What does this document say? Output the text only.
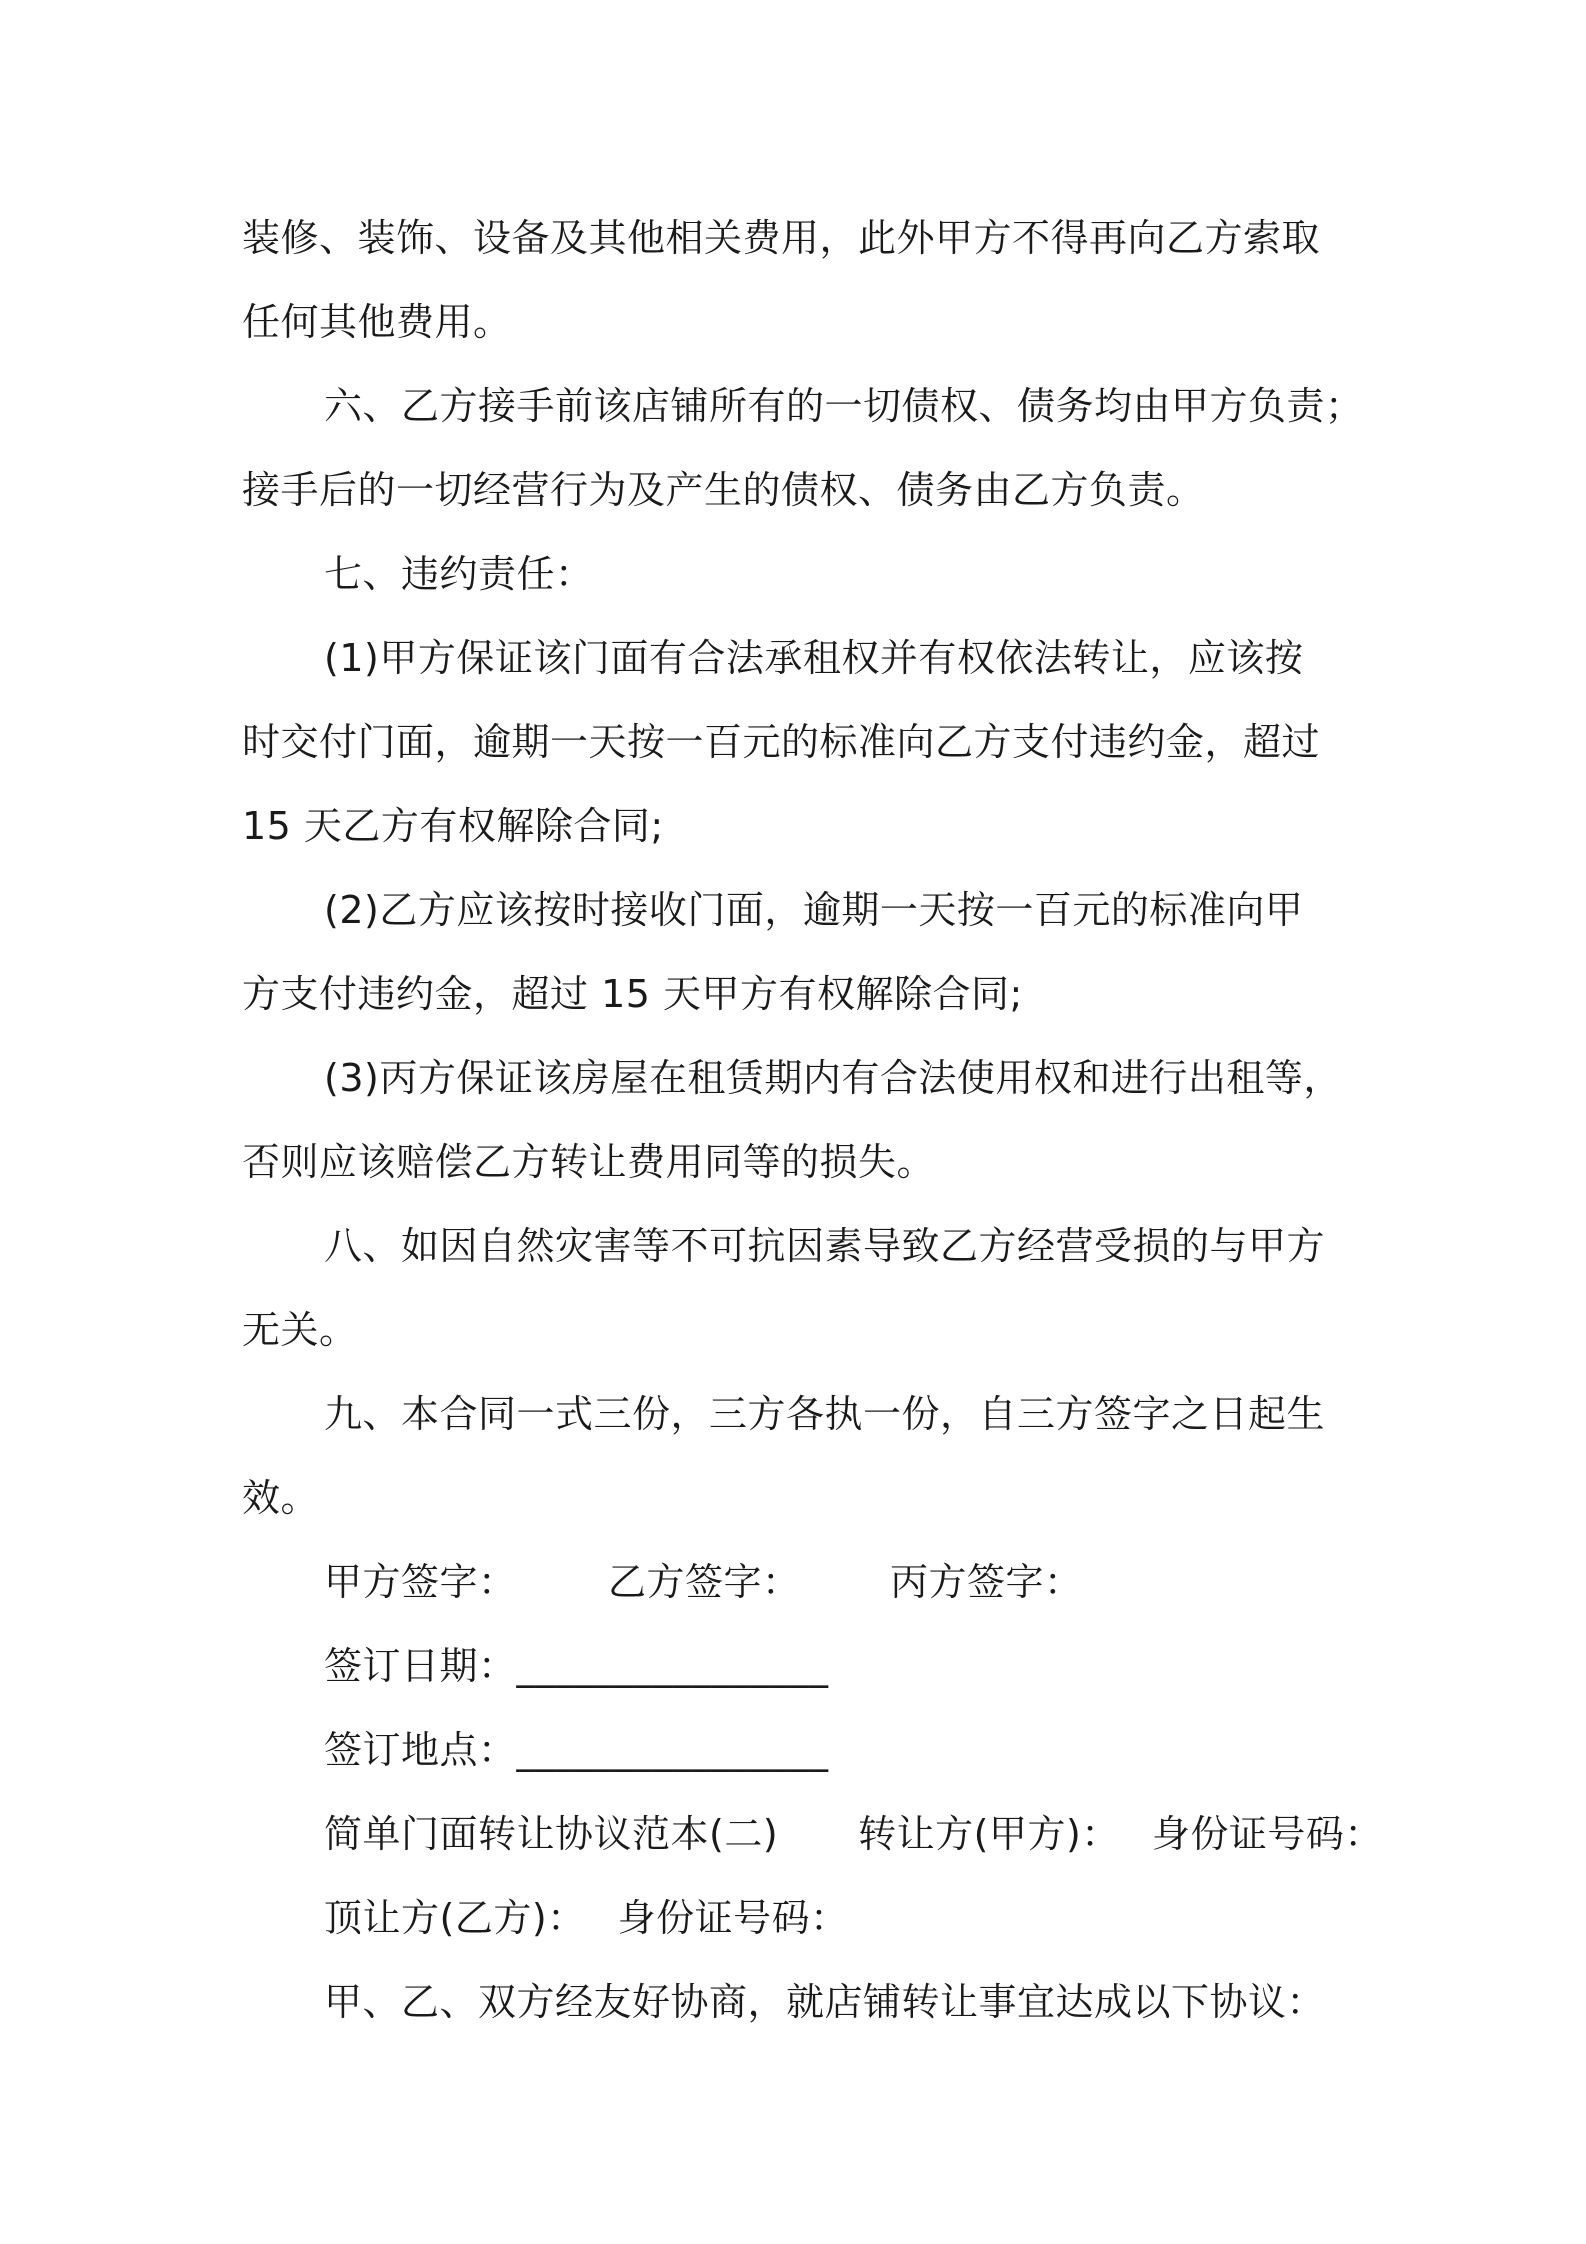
装修、装饰、设备及其他相关费用，此外甲方不得再向乙方索取
任何其他费用。
六、乙方接手前该店铺所有的一切债权、债务均由甲方负责；
接手后的一切经营行为及产生的债权、债务由乙方负责。
七、违约责任：
(1)甲方保证该门面有合法承租权并有权依法转让，应该按
时交付门面，逾期一天按一百元的标准向乙方支付违约金，超过
15 天乙方有权解除合同;
(2)乙方应该按时接收门面，逾期一天按一百元的标准向甲
方支付违约金，超过 15 天甲方有权解除合同;
(3)丙方保证该房屋在租赁期内有合法使用权和进行出租等，
否则应该赔偿乙方转让费用同等的损失。
八、如因自然灾害等不可抗因素导致乙方经营受损的与甲方
无关。
九、本合同一式三份，三方各执一份，自三方签字之日起生
效。
甲方签字：	乙方签字：	丙方签字：
签订日期：________________
签订地点：________________
简单门面转让协议范本(二) 转让方(甲方)： 身份证号码：
顶让方(乙方)： 身份证号码：
甲、乙、双方经友好协商，就店铺转让事宜达成以下协议：
